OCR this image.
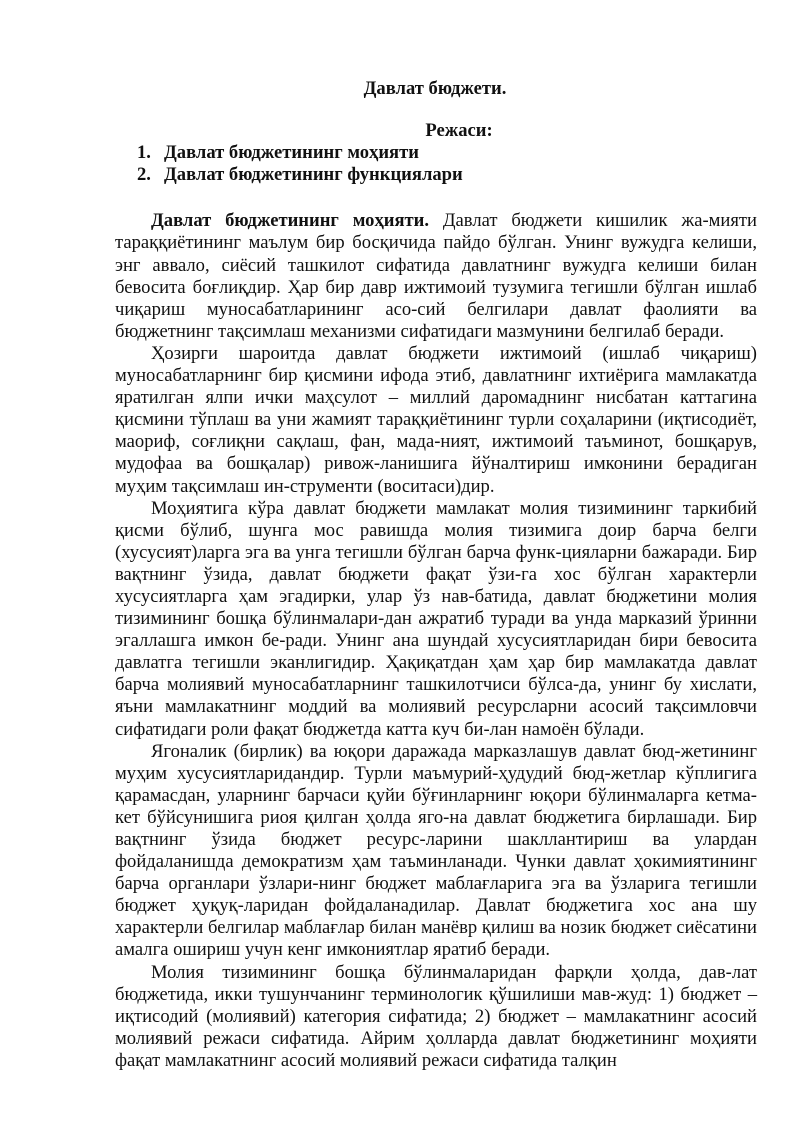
Давлат бюджети.

Режаси:

1. Давлат бюджетининг моҳияти
2. Давлат бюджетининг функциялари

Давлат бюджетининг моҳияти. Давлат бюджети кишилик жа-мияти тараққиётининг маълум бир босқичида пайдо бўлган. Унинг вужудга келиши, энг аввало, сиёсий ташкилот сифатида давлатнинг вужудга келиши билан бевосита боғлиқдир. Ҳар бир давр ижтимоий тузумига тегишли бўлган ишлаб чиқариш муносабатларининг асо-сий белгилари давлат фаолияти ва бюджетнинг тақсимлаш механизми сифатидаги мазмунини белгилаб беради.

Ҳозирги шароитда давлат бюджети ижтимоий (ишлаб чиқариш) муносабатларнинг бир қисмини ифода этиб, давлатнинг ихтиёрига мамлакатда яратилган ялпи ички маҳсулот – миллий даромаднинг нисбатан каттагина қисмини тўплаш ва уни жамият тараққиётининг турли соҳаларини (иқтисодиёт, маориф, соғлиқни сақлаш, фан, мада-ният, ижтимоий таъминот, бошқарув, мудофаа ва бошқалар) ривож-ланишига йўналтириш имконини берадиган муҳим тақсимлаш ин-струменти (воситаси)дир.

Моҳиятига кўра давлат бюджети мамлакат молия тизимининг таркибий қисми бўлиб, шунга мос равишда молия тизимига доир барча белги (хусусият)ларга эга ва унга тегишли бўлган барча функ-цияларни бажаради. Бир вақтнинг ўзида, давлат бюджети фақат ўзи-га хос бўлган характерли хусусиятларга ҳам эгадирки, улар ўз нав-батида, давлат бюджетини молия тизимининг бошқа бўлинмалари-дан ажратиб туради ва унда марказий ўринни эгаллашга имкон бе-ради. Унинг ана шундай хусусиятларидан бири бевосита давлатга тегишли эканлигидир. Ҳақиқатдан ҳам ҳар бир мамлакатда давлат барча молиявий муносабатларнинг ташкилотчиси бўлса-да, унинг бу хислати, яъни мамлакатнинг моддий ва молиявий ресурсларни асосий тақсимловчи сифатидаги роли фақат бюджетда катта куч би-лан намоён бўлади.

Ягоналик (бирлик) ва юқори даражада марказлашув давлат бюд-жетининг муҳим хусусиятларидандир. Турли маъмурий-ҳудудий бюд-жетлар кўплигига қарамасдан, уларнинг барчаси қуйи бўғинларнинг юқори бўлинмаларга кетма-кет бўйсунишига риоя қилган ҳолда яго-на давлат бюджетига бирлашади. Бир вақтнинг ўзида бюджет ресурс-ларини шакллантириш ва улардан фойдаланишда демократизм ҳам таъминланади. Чунки давлат ҳокимиятининг барча органлари ўзлари-нинг бюджет маблағларига эга ва ўзларига тегишли бюджет ҳуқуқ-ларидан фойдаланадилар. Давлат бюджетига хос ана шу характерли белгилар маблағлар билан манёвр қилиш ва нозик бюджет сиёсатини амалга ошириш учун кенг имкониятлар яратиб беради.

Молия тизимининг бошқа бўлинмаларидан фарқли ҳолда, дав-лат бюджетида, икки тушунчанинг терминологик қўшилиши мав-жуд: 1) бюджет – иқтисодий (молиявий) категория сифатида; 2) бюджет – мамлакатнинг асосий молиявий режаси сифатида. Айрим ҳолларда давлат бюджетининг моҳияти фақат мамлакатнинг асосий молиявий режаси сифатида талқин
